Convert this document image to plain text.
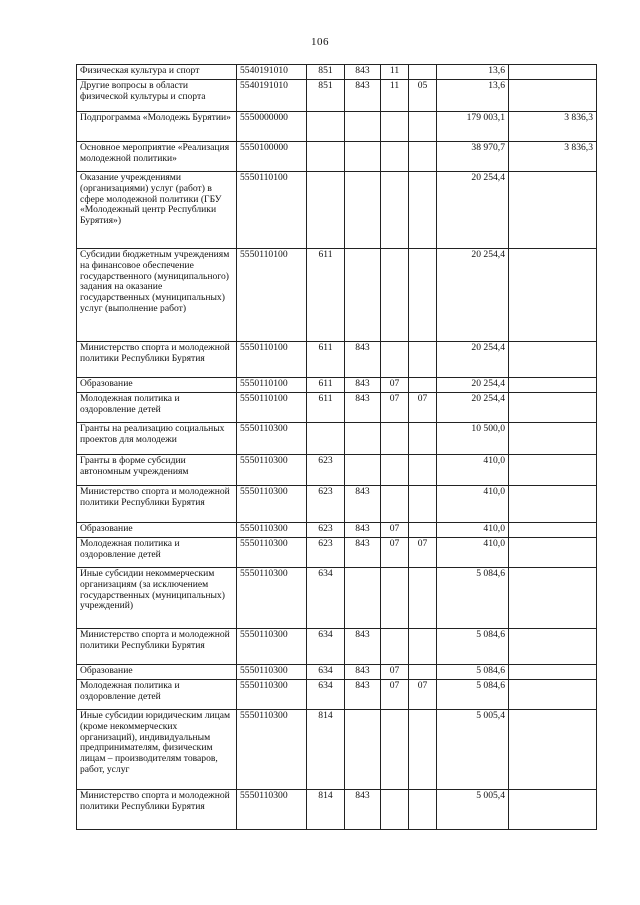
106
Физическая культура и спорт	5540191010	851	843	11		13,6	
Другие вопросы в области физической культуры и спорта	5540191010	851	843	11	05	13,6	
Подпрограмма «Молодежь Бурятии»	5550000000					179 003,1	3 836,3
Основное мероприятие «Реализация молодежной политики»	5550100000					38 970,7	3 836,3
Оказание учреждениями (организациями) услуг (работ) в сфере молодежной политики (ГБУ «Молодежный центр Республики Бурятия»)	5550110100					20 254,4	
Субсидии бюджетным учреждениям на финансовое обеспечение государственного (муниципального) задания на оказание государственных (муниципальных) услуг (выполнение работ)	5550110100	611				20 254,4	
Министерство спорта и молодежной политики Республики Бурятия	5550110100	611	843			20 254,4	
Образование	5550110100	611	843	07		20 254,4	
Молодежная политика и оздоровление детей	5550110100	611	843	07	07	20 254,4	
Гранты на реализацию социальных проектов для молодежи	5550110300					10 500,0	
Гранты в форме субсидии автономным учреждениям	5550110300	623				410,0	
Министерство спорта и молодежной политики Республики Бурятия	5550110300	623	843			410,0	
Образование	5550110300	623	843	07		410,0	
Молодежная политика и оздоровление детей	5550110300	623	843	07	07	410,0	
Иные субсидии некоммерческим организациям (за исключением государственных (муниципальных) учреждений)	5550110300	634				5 084,6	
Министерство спорта и молодежной политики Республики Бурятия	5550110300	634	843			5 084,6	
Образование	5550110300	634	843	07		5 084,6	
Молодежная политика и оздоровление детей	5550110300	634	843	07	07	5 084,6	
Иные субсидии юридическим лицам (кроме некоммерческих организаций), индивидуальным предпринимателям, физическим лицам – производителям товаров, работ, услуг	5550110300	814				5 005,4	
Министерство спорта и молодежной политики Республики Бурятия	5550110300	814	843			5 005,4	
